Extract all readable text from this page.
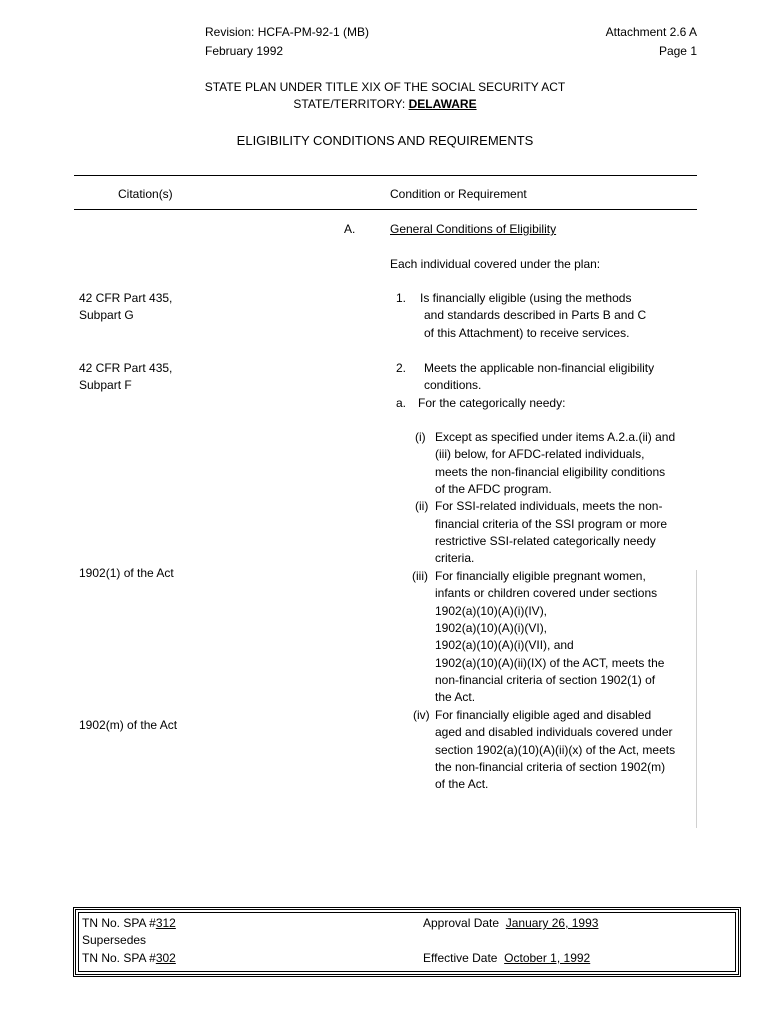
Revision: HCFA-PM-92-1 (MB)
February 1992
Attachment 2.6 A
Page 1
STATE PLAN UNDER TITLE XIX OF THE SOCIAL SECURITY ACT
STATE/TERRITORY: DELAWARE
ELIGIBILITY CONDITIONS AND REQUIREMENTS
Citation(s)	Condition or Requirement
A.	General Conditions of Eligibility
Each individual covered under the plan:
42 CFR Part 435,
Subpart G
42 CFR Part 435,
Subpart F
1902(1) of the Act
1902(m) of the Act
1. Is financially eligible (using the methods
and standards described in Parts B and C
of this Attachment) to receive services.
2. Meets the applicable non-financial eligibility
conditions.
a. For the categorically needy:
(i) Except as specified under items A.2.a.(ii) and
(iii) below, for AFDC-related individuals,
meets the non-financial eligibility conditions
of the AFDC program.
(ii) For SSI-related individuals, meets the non-
financial criteria of the SSI program or more
restrictive SSI-related categorically needy
criteria.
(iii) For financially eligible pregnant women,
infants or children covered under sections
1902(a)(10)(A)(i)(IV),
1902(a)(10)(A)(i)(VI),
1902(a)(10)(A)(i)(VII), and
1902(a)(10)(A)(ii)(IX) of the ACT, meets the
non-financial criteria of section 1902(1) of
the Act.
(iv) For financially eligible aged and disabled
aged and disabled individuals covered under
section 1902(a)(10)(A)(ii)(x) of the Act, meets
the non-financial criteria of section 1902(m)
of the Act.
TN No. SPA #312
Supersedes
TN No. SPA #302
Approval Date January 26, 1993
Effective Date October 1, 1992
